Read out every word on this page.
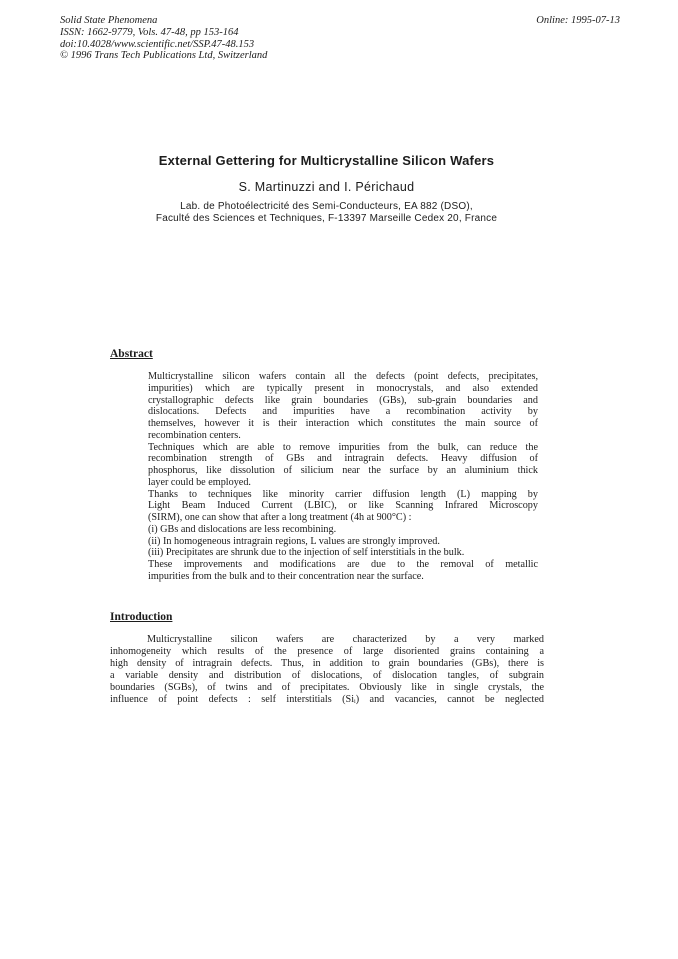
Solid State Phenomena
ISSN: 1662-9779, Vols. 47-48, pp 153-164
doi:10.4028/www.scientific.net/SSP.47-48.153
© 1996 Trans Tech Publications Ltd, Switzerland
Online: 1995-07-13
External Gettering for Multicrystalline Silicon Wafers
S. Martinuzzi and I. Périchaud
Lab. de Photoélectricité des Semi-Conducteurs, EA 882 (DSO),
Faculté des Sciences et Techniques, F-13397 Marseille Cedex 20, France
Abstract
Multicrystalline silicon wafers contain all the defects (point defects, precipitates,
impurities) which are typically present in monocrystals, and also extended
crystallographic defects like grain boundaries (GBs), sub-grain boundaries and
dislocations. Defects and impurities have a recombination activity by
themselves, however it is their interaction which constitutes the main source of
recombination centers.
Techniques which are able to remove impurities from the bulk, can reduce the
recombination strength of GBs and intragrain defects. Heavy diffusion of
phosphorus, like dissolution of silicium near the surface by an aluminium thick
layer could be employed.
Thanks to techniques like minority carrier diffusion length (L) mapping by
Light Beam Induced Current (LBIC), or like Scanning Infrared Microscopy
(SIRM), one can show that after a long treatment (4h at 900°C) :
(i) GBs and dislocations are less recombining.
(ii) In homogeneous intragrain regions, L values are strongly improved.
(iii) Precipitates are shrunk due to the injection of self interstitials in the bulk.
These improvements and modifications are due to the removal of metallic
impurities from the bulk and to their concentration near the surface.
Introduction
Multicrystalline silicon wafers are characterized by a very marked
inhomogeneity which results of the presence of large disoriented grains containing a
high density of intragrain defects. Thus, in addition to grain boundaries (GBs), there is
a variable density and distribution of dislocations, of dislocation tangles, of subgrain
boundaries (SGBs), of twins and of precipitates. Obviously like in single crystals, the
influence of point defects : self interstitials (Siᵢ) and vacancies, cannot be neglected
